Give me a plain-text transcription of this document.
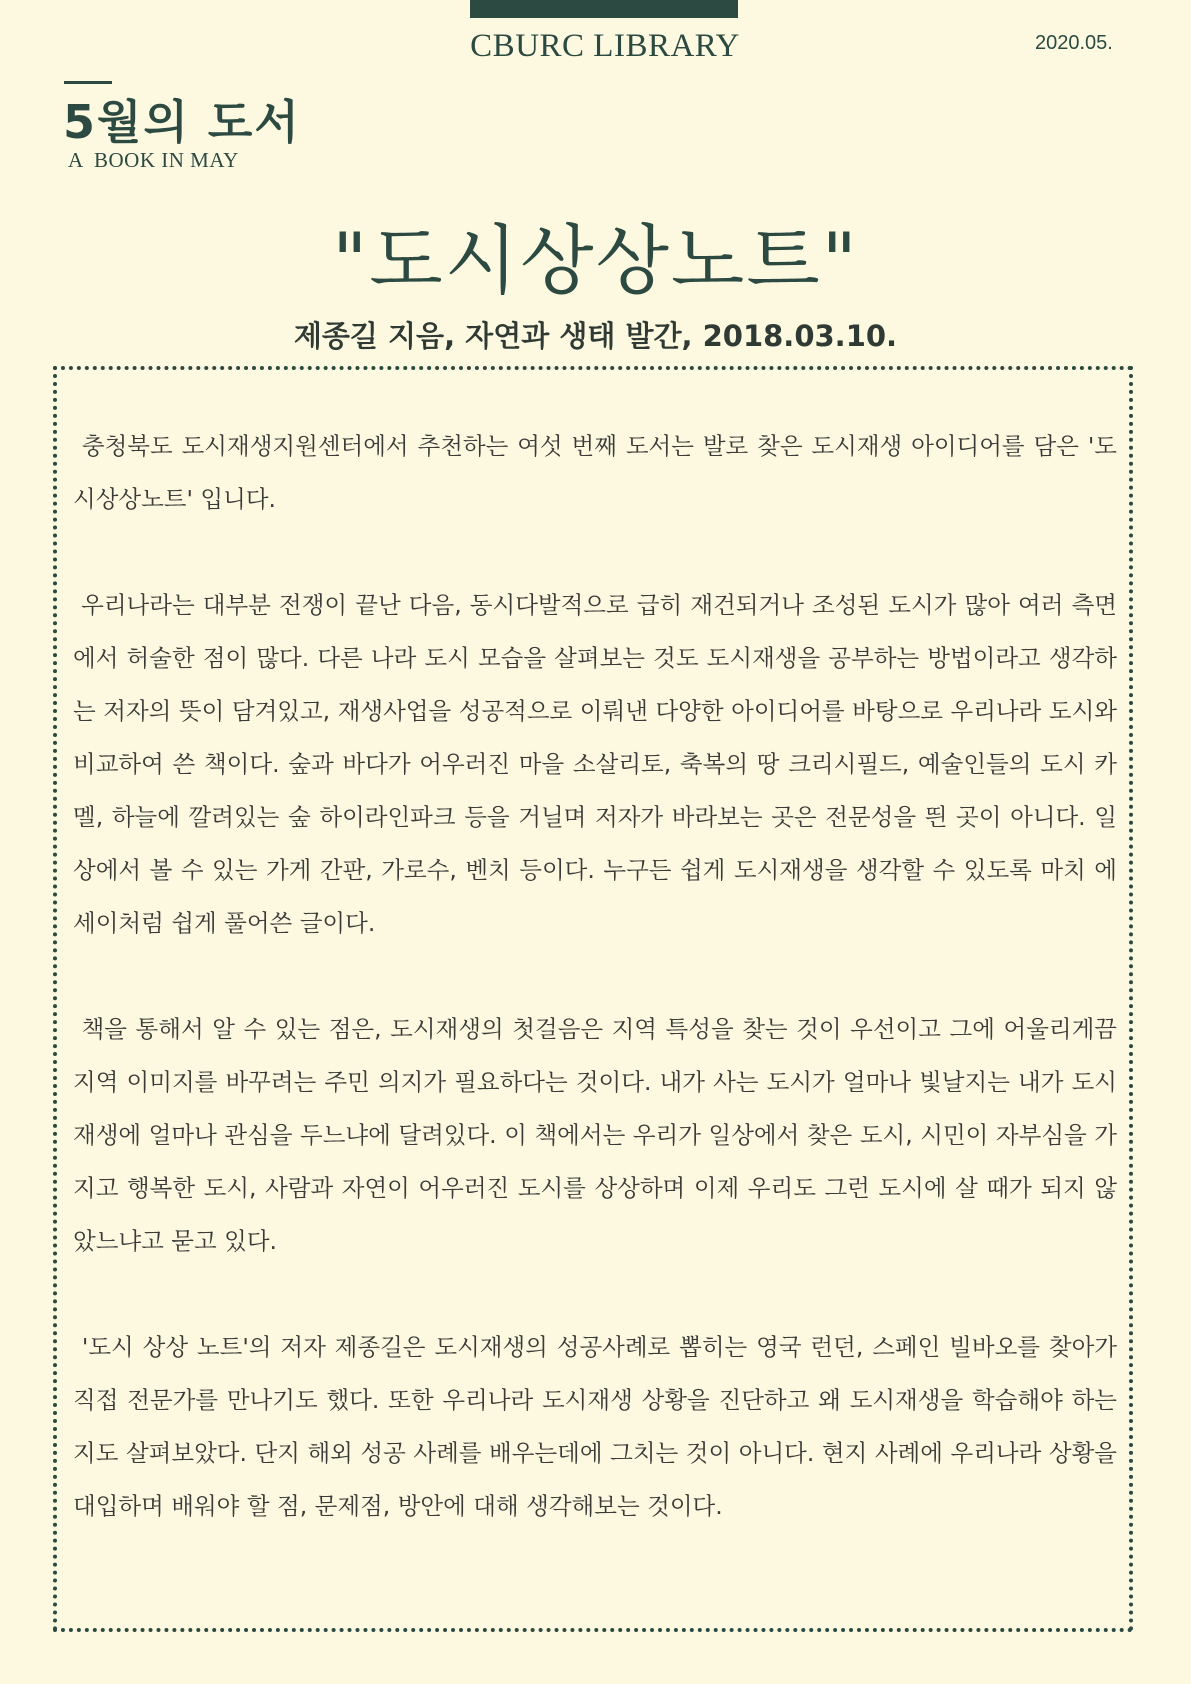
CBURC LIBRARY	2020.05.
5월의 도서
A  BOOK IN MAY
"도시상상노트"
제종길 지음, 자연과 생태 발간, 2018.03.10.

충청북도 도시재생지원센터에서 추천하는 여섯 번째 도서는 발로 찾은 도시재생 아이디어를 담은 '도시상상노트' 입니다.

우리나라는 대부분 전쟁이 끝난 다음, 동시다발적으로 급히 재건되거나 조성된 도시가 많아 여러 측면에서 허술한 점이 많다. 다른 나라 도시 모습을 살펴보는 것도 도시재생을 공부하는 방법이라고 생각하는 저자의 뜻이 담겨있고, 재생사업을 성공적으로 이뤄낸 다양한 아이디어를 바탕으로 우리나라 도시와 비교하여 쓴 책이다. 숲과 바다가 어우러진 마을 소살리토, 축복의 땅 크리시필드, 예술인들의 도시 카멜, 하늘에 깔려있는 숲 하이라인파크 등을 거닐며 저자가 바라보는 곳은 전문성을 띈 곳이 아니다. 일상에서 볼 수 있는 가게 간판, 가로수, 벤치 등이다. 누구든 쉽게 도시재생을 생각할 수 있도록 마치 에세이처럼 쉽게 풀어쓴 글이다.

책을 통해서 알 수 있는 점은, 도시재생의 첫걸음은 지역 특성을 찾는 것이 우선이고 그에 어울리게끔 지역 이미지를 바꾸려는 주민 의지가 필요하다는 것이다. 내가 사는 도시가 얼마나 빛날지는 내가 도시재생에 얼마나 관심을 두느냐에 달려있다. 이 책에서는 우리가 일상에서 찾은 도시, 시민이 자부심을 가지고 행복한 도시, 사람과 자연이 어우러진 도시를 상상하며 이제 우리도 그런 도시에 살 때가 되지 않았느냐고 묻고 있다.

'도시 상상 노트'의 저자 제종길은 도시재생의 성공사례로 뽑히는 영국 런던, 스페인 빌바오를 찾아가 직접 전문가를 만나기도 했다. 또한 우리나라 도시재생 상황을 진단하고 왜 도시재생을 학습해야 하는지도 살펴보았다. 단지 해외 성공 사례를 배우는데에 그치는 것이 아니다. 현지 사례에 우리나라 상황을 대입하며 배워야 할 점, 문제점, 방안에 대해 생각해보는 것이다.
